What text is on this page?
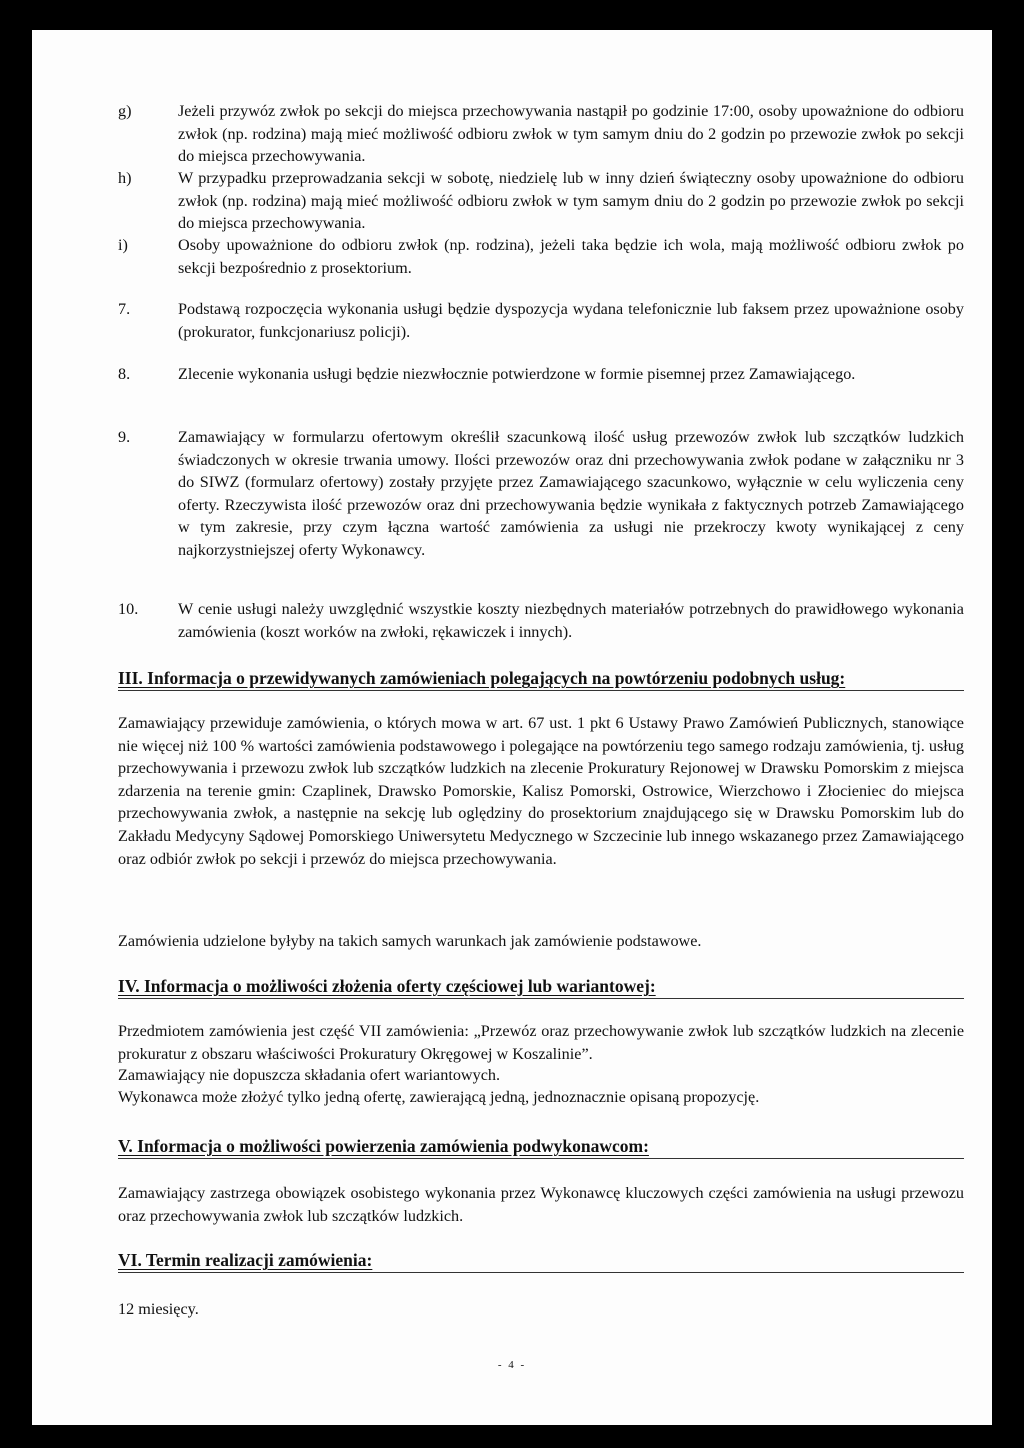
g)	Jeżeli przywóz zwłok po sekcji do miejsca przechowywania nastąpił po godzinie 17:00, osoby upoważnione do odbioru zwłok (np. rodzina) mają mieć możliwość odbioru zwłok w tym samym dniu do 2 godzin po przewozie zwłok po sekcji do miejsca przechowywania.
h)	W przypadku przeprowadzania sekcji w sobotę, niedzielę lub w inny dzień świąteczny osoby upoważnione do odbioru zwłok (np. rodzina) mają mieć możliwość odbioru zwłok w tym samym dniu do 2 godzin po przewozie zwłok po sekcji do miejsca przechowywania.
i)	Osoby upoważnione do odbioru zwłok (np. rodzina), jeżeli taka będzie ich wola, mają możliwość odbioru zwłok po sekcji bezpośrednio z prosektorium.
7.	Podstawą rozpoczęcia wykonania usługi będzie dyspozycja wydana telefonicznie lub faksem przez upoważnione osoby (prokurator, funkcjonariusz policji).
8.	Zlecenie wykonania usługi będzie niezwłocznie potwierdzone w formie pisemnej przez Zamawiającego.
9.	Zamawiający w formularzu ofertowym określił szacunkową ilość usług przewozów zwłok lub szczątków ludzkich świadczonych w okresie trwania umowy. Ilości przewozów oraz dni przechowywania zwłok podane w załączniku nr 3 do SIWZ (formularz ofertowy) zostały przyjęte przez Zamawiającego szacunkowo, wyłącznie w celu wyliczenia ceny oferty. Rzeczywista ilość przewozów oraz dni przechowywania będzie wynikała z faktycznych potrzeb Zamawiającego w tym zakresie, przy czym łączna wartość zamówienia za usługi nie przekroczy kwoty wynikającej z ceny najkorzystniejszej oferty Wykonawcy.
10. W cenie usługi należy uwzględnić wszystkie koszty niezbędnych materiałów potrzebnych do prawidłowego wykonania zamówienia (koszt worków na zwłoki, rękawiczek i innych).
III. Informacja o przewidywanych zamówieniach polegających na powtórzeniu podobnych usług:
Zamawiający przewiduje zamówienia, o których mowa w art. 67 ust. 1 pkt 6 Ustawy Prawo Zamówień Publicznych, stanowiące nie więcej niż 100 % wartości zamówienia podstawowego i polegające na powtórzeniu tego samego rodzaju zamówienia, tj. usług przechowywania i przewozu zwłok lub szczątków ludzkich na zlecenie Prokuratury Rejonowej w Drawsku Pomorskim z miejsca zdarzenia na terenie gmin: Czaplinek, Drawsko Pomorskie, Kalisz Pomorski, Ostrowice, Wierzchowo i Złocieniec do miejsca przechowywania zwłok, a następnie na sekcję lub oględziny do prosektorium znajdującego się w Drawsku Pomorskim lub do Zakładu Medycyny Sądowej Pomorskiego Uniwersytetu Medycznego w Szczecinie lub innego wskazanego przez Zamawiającego oraz odbiór zwłok po sekcji i przewóz do miejsca przechowywania.
Zamówienia udzielone byłyby na takich samych warunkach jak zamówienie podstawowe.
IV. Informacja o możliwości złożenia oferty częściowej lub wariantowej:
Przedmiotem zamówienia jest część VII zamówienia: „Przewóz oraz przechowywanie zwłok lub szczątków ludzkich na zlecenie prokuratur z obszaru właściwości Prokuratury Okręgowej w Koszalinie”.
Zamawiający nie dopuszcza składania ofert wariantowych.
Wykonawca może złożyć tylko jedną ofertę, zawierającą jedną, jednoznacznie opisaną propozycję.
V. Informacja o możliwości powierzenia zamówienia podwykonawcom:
Zamawiający zastrzega obowiązek osobistego wykonania przez Wykonawcę kluczowych części zamówienia na usługi przewozu oraz przechowywania zwłok lub szczątków ludzkich.
VI. Termin realizacji zamówienia:
12 miesięcy.
- 4 -
